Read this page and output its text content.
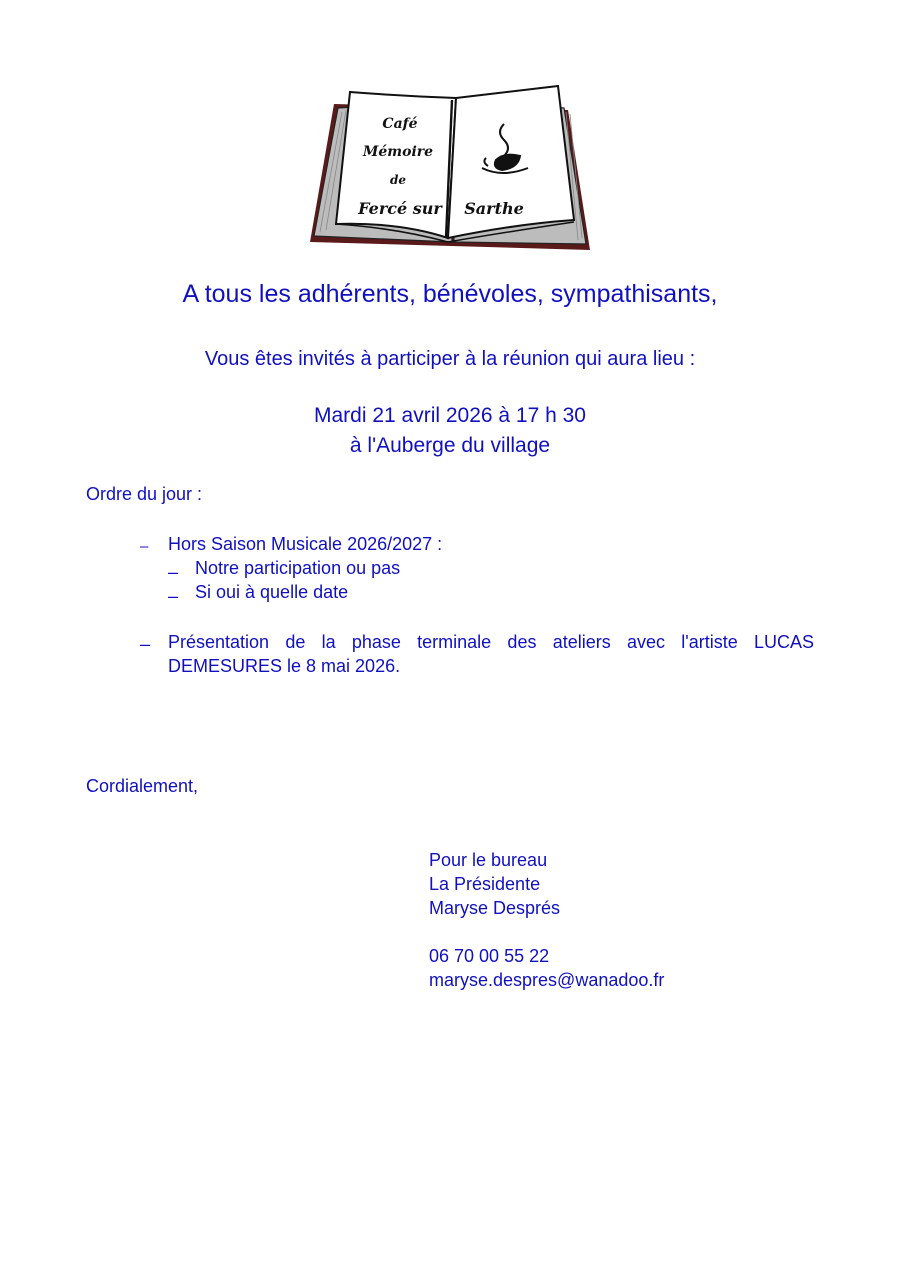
Café
Mémoire
de
Fercé sur Sarthe
A tous les adhérents, bénévoles, sympathisants,
Vous êtes invités à participer à la réunion qui aura lieu :
Mardi 21 avril 2026 à 17 h 30
à l'Auberge du village
Ordre du jour :
– Hors Saison Musicale 2026/2027 :
– Notre participation ou pas
– Si oui à quelle date
– Présentation de la phase terminale des ateliers avec l'artiste LUCAS DEMESURES le 8 mai 2026.
Cordialement,
Pour le bureau
La Présidente
Maryse Després
06 70 00 55 22
maryse.despres@wanadoo.fr
